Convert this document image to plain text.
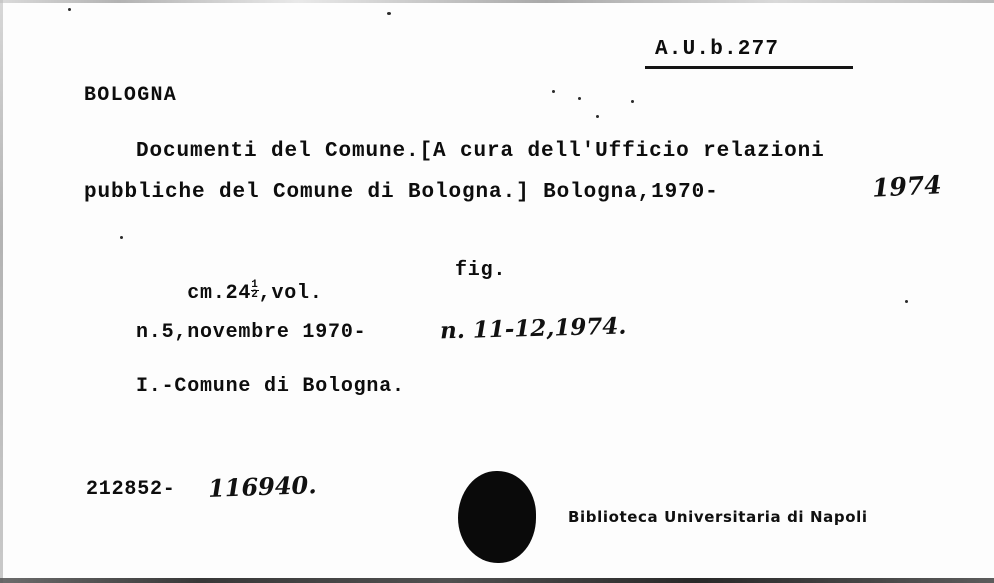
A.U.b.277
BOLOGNA
Documenti del Comune.[A cura dell'Ufficio relazioni
pubbliche del Comune di Bologna.] Bologna,1970-	1974

$cm.24 \frac{1}{2},vol$.

fig.
n.5,novembre 1970-	n. 11-12,1974.
I.-Comune di Bologna.
212852- 116940.
Biblioteca Universitaria di Napoli
